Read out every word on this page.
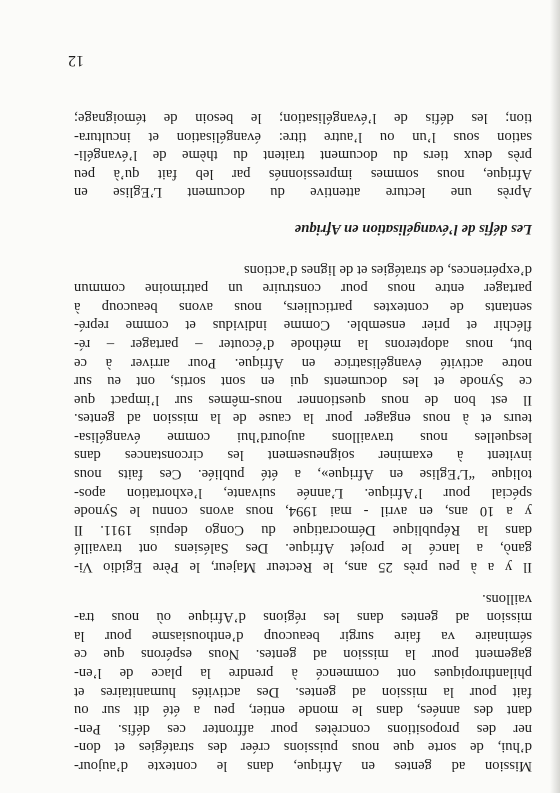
Mission ad gentes en Afrique, dans le contexte d’aujour-
d’hui, de sorte que nous puissions créer des stratégies et don-
ner des propositions concrètes pour affronter ces défis. Pen-
dant des années, dans le monde entier, peu a été dit sur ou
fait pour la mission ad gentes. Des activités humanitaires et
philanthropiques ont commencé à prendre la place de l’en-
gagement pour la mission ad gentes. Nous espérons que ce
séminaire va faire surgir beaucoup d’enthousiasme pour la
mission ad gentes dans les régions d’Afrique où nous tra-
vaillons.
Il y a à peu près 25 ans, le Recteur Majeur, le Père Egidio Vi-
ganò, a lancé le projet Afrique. Des Salésiens ont travaillé
dans la République Démocratique du Congo depuis 1911. Il
y a 10 ans, en avril - mai 1994, nous avons connu le Synode
spécial pour l’Afrique. L’année suivante, l’exhortation apos-
tolique “L’Eglise en Afrique», a été publiée. Ces faits nous
invitent à examiner soigneusement les circonstances dans
lesquelles nous travaillons aujourd’hui comme évangélisa-
teurs et à nous engager pour la cause de la mission ad gentes.
Il est bon de nous questionner nous-mêmes sur l’impact que
ce Synode et les documents qui en sont sortis, ont eu sur
notre activité évangélisatrice en Afrique. Pour arriver à ce
but, nous adopterons la méthode d’écouter – partager – ré-
fléchir et prier ensemble. Comme individus et comme repré-
sentants de contextes particuliers, nous avons beaucoup à
partager entre nous pour construire un patrimoine commun
d’expériences, de stratégies et de lignes d’actions
Les défis de l’évangélisation en Afrique
Après une lecture attentive du document L’Eglise en
Afrique, nous sommes impressionnés par leb fait qu’à peu
près deux tiers du document traitent du thème de l’évangéli-
sation sous l’un ou l’autre titre: évangélisation et incultura-
tion; les défis de l’évangélisation; le besoin de témoignage;
12
